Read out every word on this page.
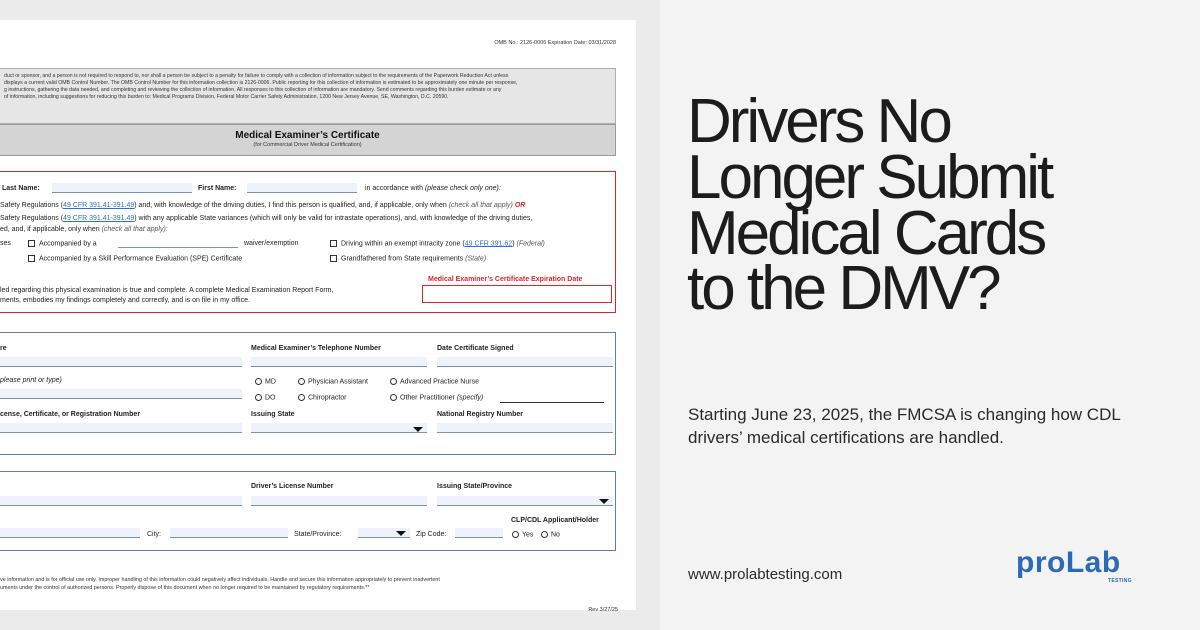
OMB No.: 2126-0006 Expiration Date: 03/31/2028
duct or sponsor, and a person is not required to respond to, nor shall a person be subject to a penalty for failure to comply with a collection of information subject to the requirements of the Paperwork Reduction Act unless
displays a current valid OMB Control Number. The OMB Control Number for this information collection is 2126-0006. Public reporting for this collection of information is estimated to be approximately one minute per response,
g instructions, gathering the data needed, and completing and reviewing the collection of information. All responses to this collection of information are mandatory. Send comments regarding this burden estimate or any
of information, including suggestions for reducing this burden to: Medical Programs Division, Federal Motor Carrier Safety Administration, 1200 New Jersey Avenue, SE, Washington, D.C. 20590.
Medical Examiner’s Certificate
(for Commercial Driver Medical Certification)
Last Name:	First Name:	in accordance with (please check only one):
Safety Regulations (49 CFR 391.41-391.49) and, with knowledge of the driving duties, I find this person is qualified, and, if applicable, only when (check all that apply) OR
Safety Regulations (49 CFR 391.41-391.49) with any applicable State variances (which will only be valid for intrastate operations), and, with knowledge of the driving duties,
ed, and, if applicable, only when (check all that apply):
ses	Accompanied by a	waiver/exemption	Driving within an exempt intracity zone (49 CFR 391.62) (Federal)
Accompanied by a Skill Performance Evaluation (SPE) Certificate	Grandfathered from State requirements (State)
Medical Examiner’s Certificate Expiration Date
led regarding this physical examination is true and complete. A complete Medical Examination Report Form,
ments, embodies my findings completely and correctly, and is on file in my office.
re	Medical Examiner’s Telephone Number	Date Certificate Signed
please print or type)	MD	Physician Assistant	Advanced Practice Nurse
DO	Chiropractor	Other Practitioner (specify)
cense, Certificate, or Registration Number	Issuing State	National Registry Number
Driver’s License Number	Issuing State/Province
CLP/CDL Applicant/Holder
City:	State/Province:	Zip Code:	Yes	No
ve information and is for official use only. Improper handling of this information could negatively affect individuals. Handle and secure this information appropriately to prevent inadvertent
uments under the control of authorized persons. Properly dispose of this document when no longer required to be maintained by regulatory requirements.**
Rev 3/27/25
Drivers No
Longer Submit
Medical Cards
to the DMV?

Starting June 23, 2025, the FMCSA is changing how CDL drivers’ medical certifications are handled.

www.prolabtesting.com	proLab
TESTING
